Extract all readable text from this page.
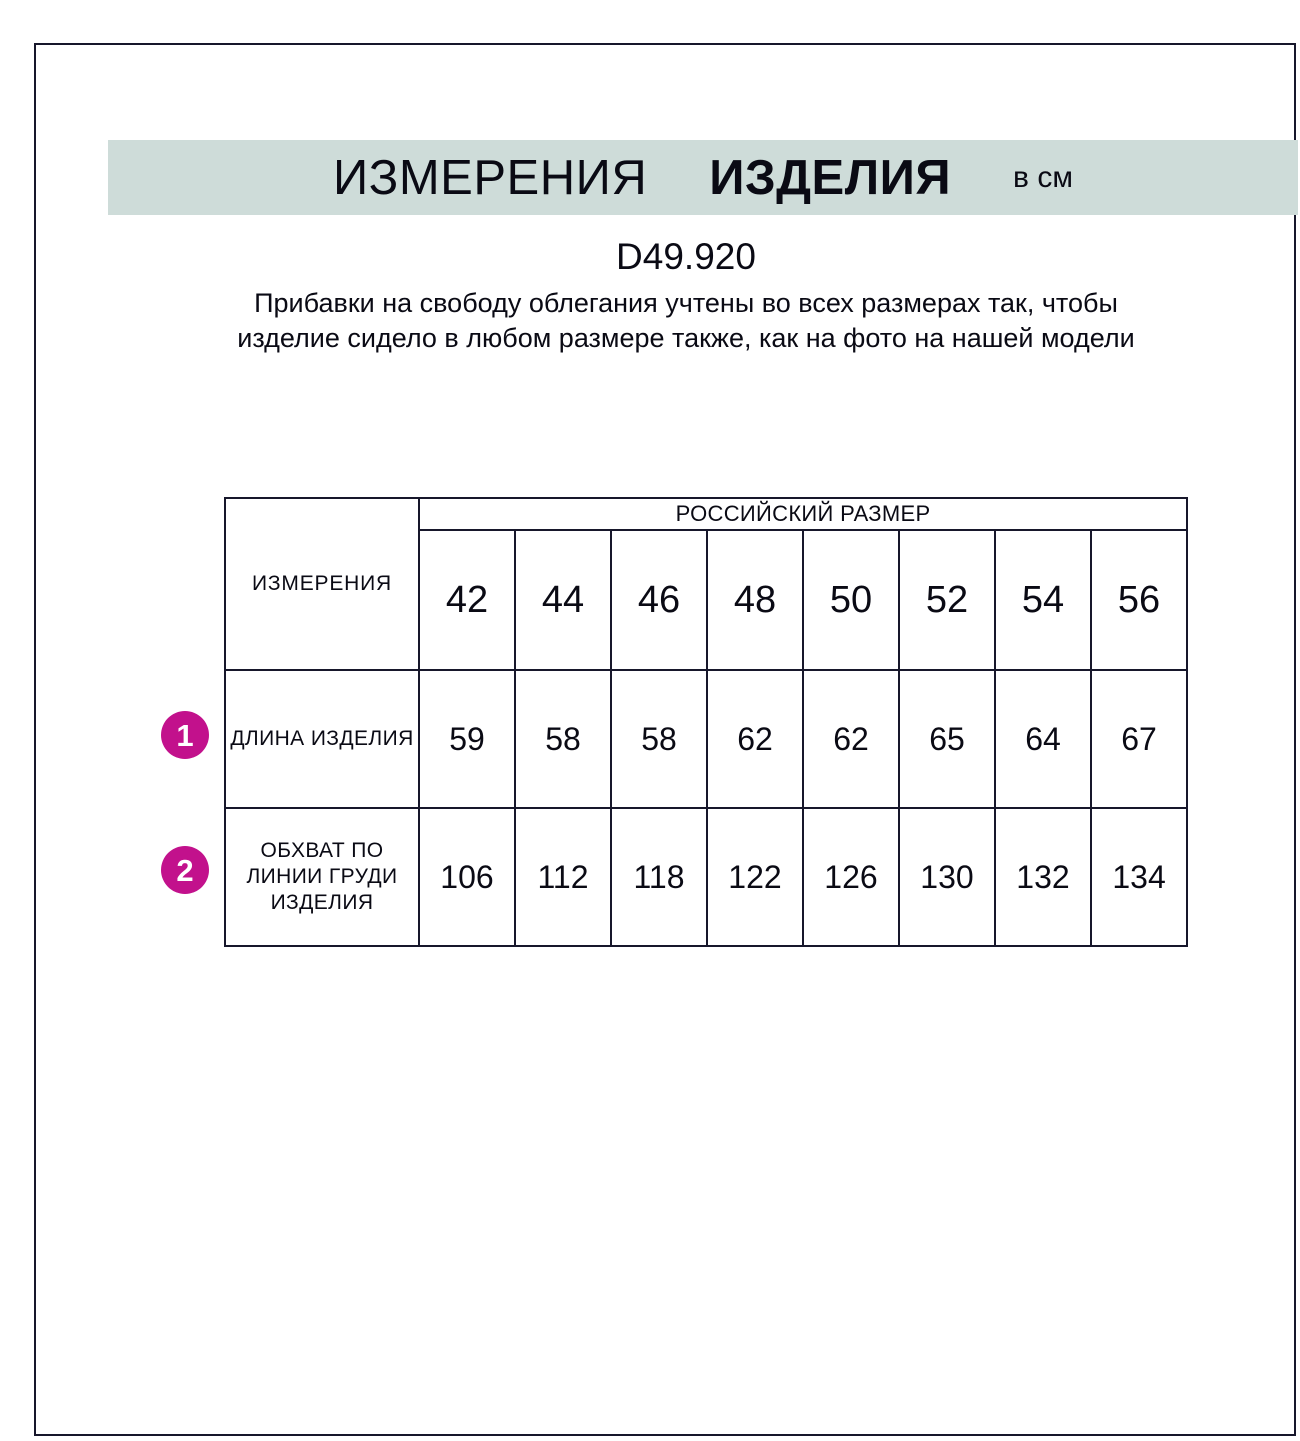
ИЗМЕРЕНИЯ ИЗДЕЛИЯ в см
D49.920
Прибавки на свободу облегания учтены во всех размерах так, чтобы изделие сидело в любом размере также, как на фото на нашей модели
ИЗМЕРЕНИЯ	РОССИЙСКИЙ РАЗМЕР							
	42	44	46	48	50	52	54	56
ДЛИНА ИЗДЕЛИЯ	59	58	58	62	62	65	64	67
ОБХВАТ ПО ЛИНИИ ГРУДИ ИЗДЕЛИЯ	106	112	118	122	126	130	132	134
1
2
